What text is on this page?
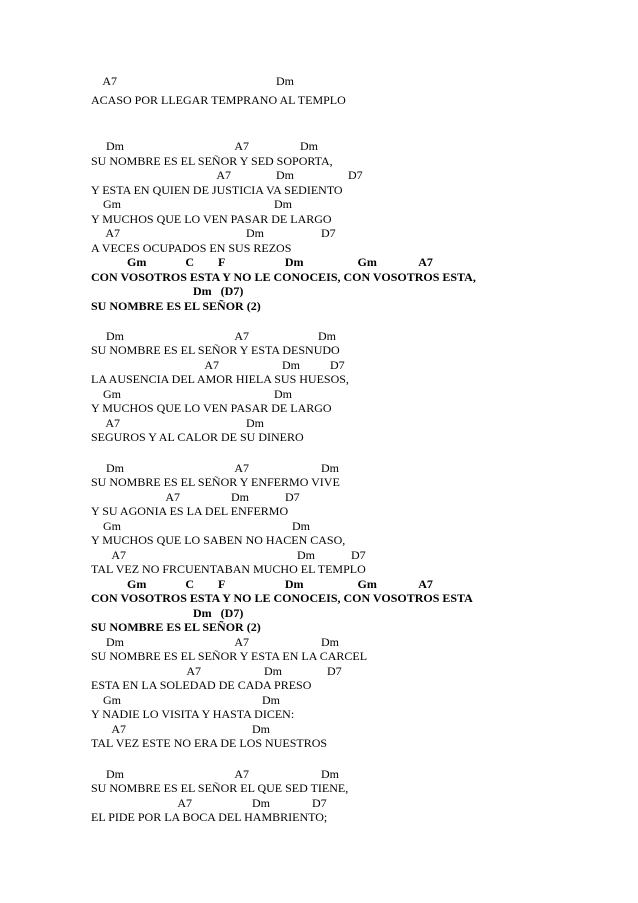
A7                                                     Dm
ACASO POR LLEGAR TEMPRANO AL TEMPLO
Dm                                     A7                 Dm
SU NOMBRE ES EL SEÑOR Y SED SOPORTA,
A7               Dm                  D7
Y ESTA EN QUIEN DE JUSTICIA VA SEDIENTO
Gm                                                   Dm
Y MUCHOS QUE LO VEN PASAR DE LARGO
A7                                          Dm                   D7
A VECES OCUPADOS EN SUS REZOS
Gm             C        F                    Dm                  Gm              A7
CON VOSOTROS ESTA Y NO LE CONOCEIS, CON VOSOTROS ESTA,
Dm   (D7)
SU NOMBRE ES EL SEÑOR (2)
Dm                                     A7                       Dm
SU NOMBRE ES EL SEÑOR Y ESTA DESNUDO
A7                     Dm          D7
LA AUSENCIA DEL AMOR HIELA SUS HUESOS,
Gm                                                   Dm
Y MUCHOS QUE LO VEN PASAR DE LARGO
A7                                          Dm
SEGUROS Y AL CALOR DE SU DINERO
Dm                                     A7                        Dm
SU NOMBRE ES EL SEÑOR Y ENFERMO VIVE
A7                 Dm            D7
Y SU AGONIA ES LA DEL ENFERMO
Gm                                                         Dm
Y MUCHOS QUE LO SABEN NO HACEN CASO,
A7                                                         Dm            D7
TAL VEZ NO FRCUENTABAN MUCHO EL TEMPLO
Gm             C        F                    Dm                  Gm              A7
CON VOSOTROS ESTA Y NO LE CONOCEIS, CON VOSOTROS ESTA
Dm   (D7)
SU NOMBRE ES EL SEÑOR (2)
Dm                                     A7                        Dm
SU NOMBRE ES EL SEÑOR Y ESTA EN LA CARCEL
A7                     Dm               D7
ESTA EN LA SOLEDAD DE CADA PRESO
Gm                                               Dm
Y NADIE LO VISITA Y HASTA DICEN:
A7                                          Dm
TAL VEZ ESTE NO ERA DE LOS NUESTROS
Dm                                     A7                        Dm
SU NOMBRE ES EL SEÑOR EL QUE SED TIENE,
A7                    Dm              D7
EL PIDE POR LA BOCA DEL HAMBRIENTO;
